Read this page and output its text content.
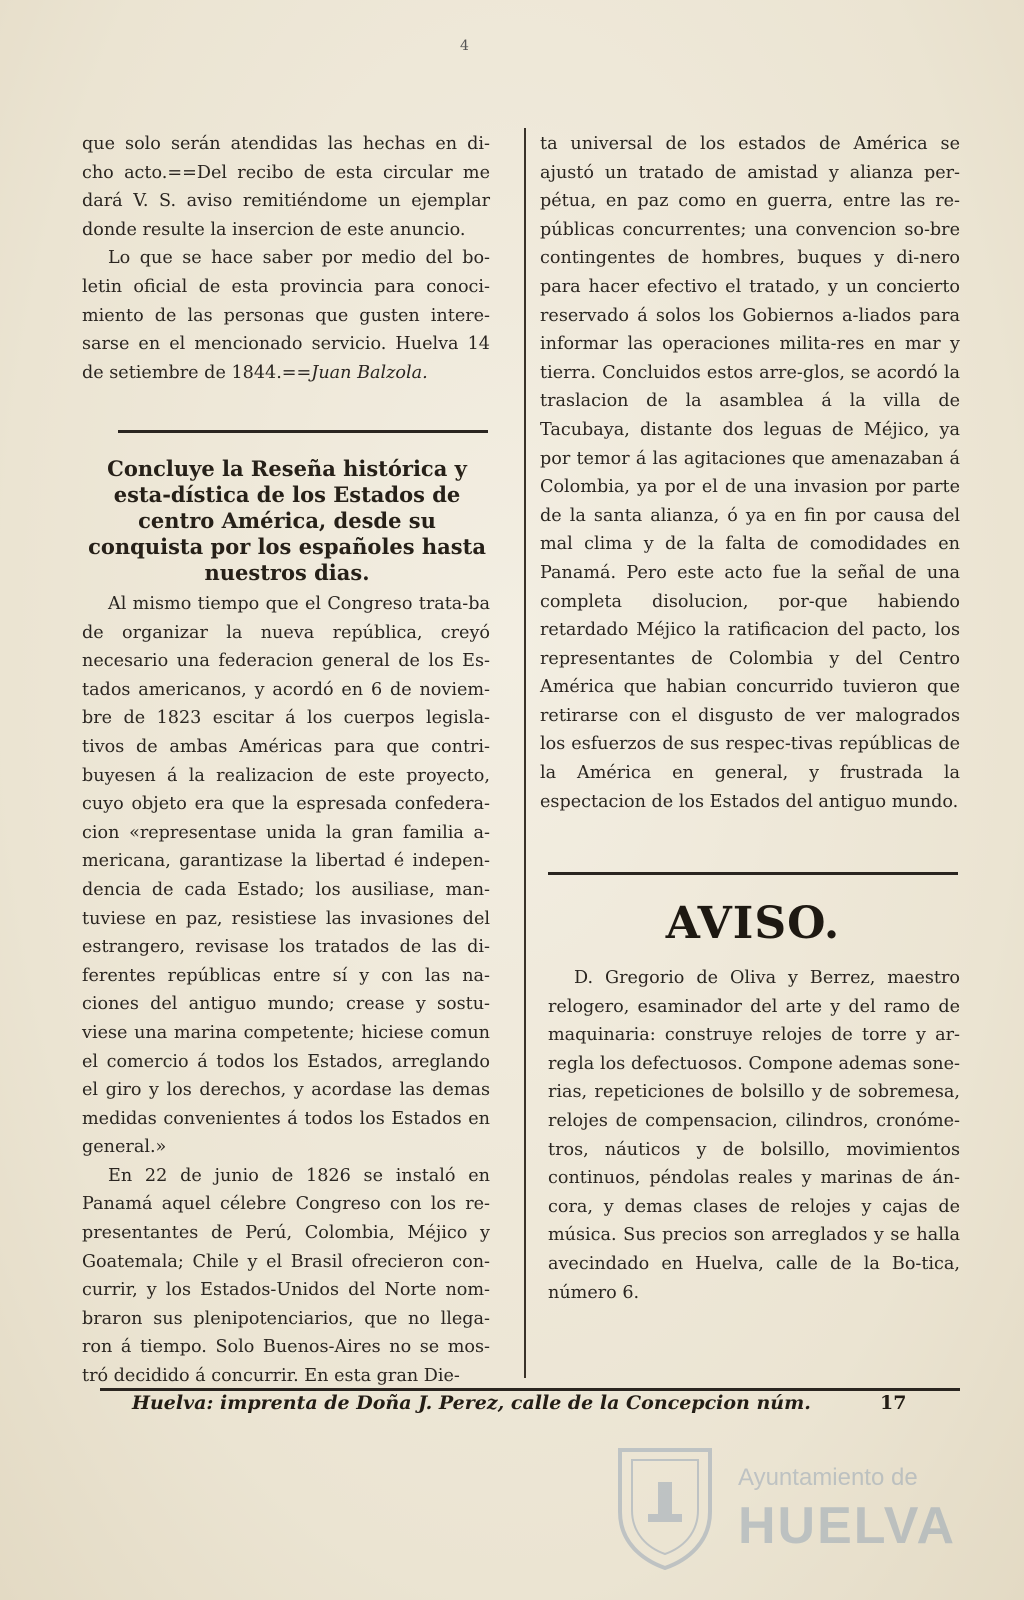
4

que solo serán atendidas las hechas en di-cho acto.==Del recibo de esta circular me dará V. S. aviso remitiéndome un ejemplar donde resulte la insercion de este anuncio.

Lo que se hace saber por medio del bo-letin oficial de esta provincia para conoci-miento de las personas que gusten intere-sarse en el mencionado servicio. Huelva 14 de setiembre de 1844.==Juan Balzola.

Concluye la Reseña histórica y esta-dística de los Estados de centro América, desde su conquista por los españoles hasta nuestros dias.

Al mismo tiempo que el Congreso trata-ba de organizar la nueva república, creyó necesario una federacion general de los Es-tados americanos, y acordó en 6 de noviem-bre de 1823 escitar á los cuerpos legisla-tivos de ambas Américas para que contri-buyesen á la realizacion de este proyecto, cuyo objeto era que la espresada confedera-cion «representase unida la gran familia a-mericana, garantizase la libertad é indepen-dencia de cada Estado; los ausiliase, man-tuviese en paz, resistiese las invasiones del estrangero, revisase los tratados de las di-ferentes repúblicas entre sí y con las na-ciones del antiguo mundo; crease y sostu-viese una marina competente; hiciese comun el comercio á todos los Estados, arreglando el giro y los derechos, y acordase las demas medidas convenientes á todos los Estados en general.»

En 22 de junio de 1826 se instaló en Panamá aquel célebre Congreso con los re-presentantes de Perú, Colombia, Méjico y Goatemala; Chile y el Brasil ofrecieron con-currir, y los Estados-Unidos del Norte nom-braron sus plenipotenciarios, que no llega-ron á tiempo. Solo Buenos-Aires no se mos-tró decidido á concurrir. En esta gran Die-

ta universal de los estados de América se ajustó un tratado de amistad y alianza per-pétua, en paz como en guerra, entre las re-públicas concurrentes; una convencion so-bre contingentes de hombres, buques y di-nero para hacer efectivo el tratado, y un concierto reservado á solos los Gobiernos a-liados para informar las operaciones milita-res en mar y tierra. Concluidos estos arre-glos, se acordó la traslacion de la asamblea á la villa de Tacubaya, distante dos leguas de Méjico, ya por temor á las agitaciones que amenazaban á Colombia, ya por el de una invasion por parte de la santa alianza, ó ya en fin por causa del mal clima y de la falta de comodidades en Panamá. Pero este acto fue la señal de una completa disolucion, por-que habiendo retardado Méjico la ratificacion del pacto, los representantes de Colombia y del Centro América que habian concurrido tuvieron que retirarse con el disgusto de ver malogrados los esfuerzos de sus respec-tivas repúblicas de la América en general, y frustrada la espectacion de los Estados del antiguo mundo.

AVISO.

D. Gregorio de Oliva y Berrez, maestro relogero, esaminador del arte y del ramo de maquinaria: construye relojes de torre y ar-regla los defectuosos. Compone ademas sone-rias, repeticiones de bolsillo y de sobremesa, relojes de compensacion, cilindros, cronóme-tros, náuticos y de bolsillo, movimientos continuos, péndolas reales y marinas de án-cora, y demas clases de relojes y cajas de música. Sus precios son arreglados y se halla avecindado en Huelva, calle de la Bo-tica, número 6.

Huelva: imprenta de Doña J. Perez, calle de la Concepcion núm.	17
Ayuntamiento de
HUELVA
